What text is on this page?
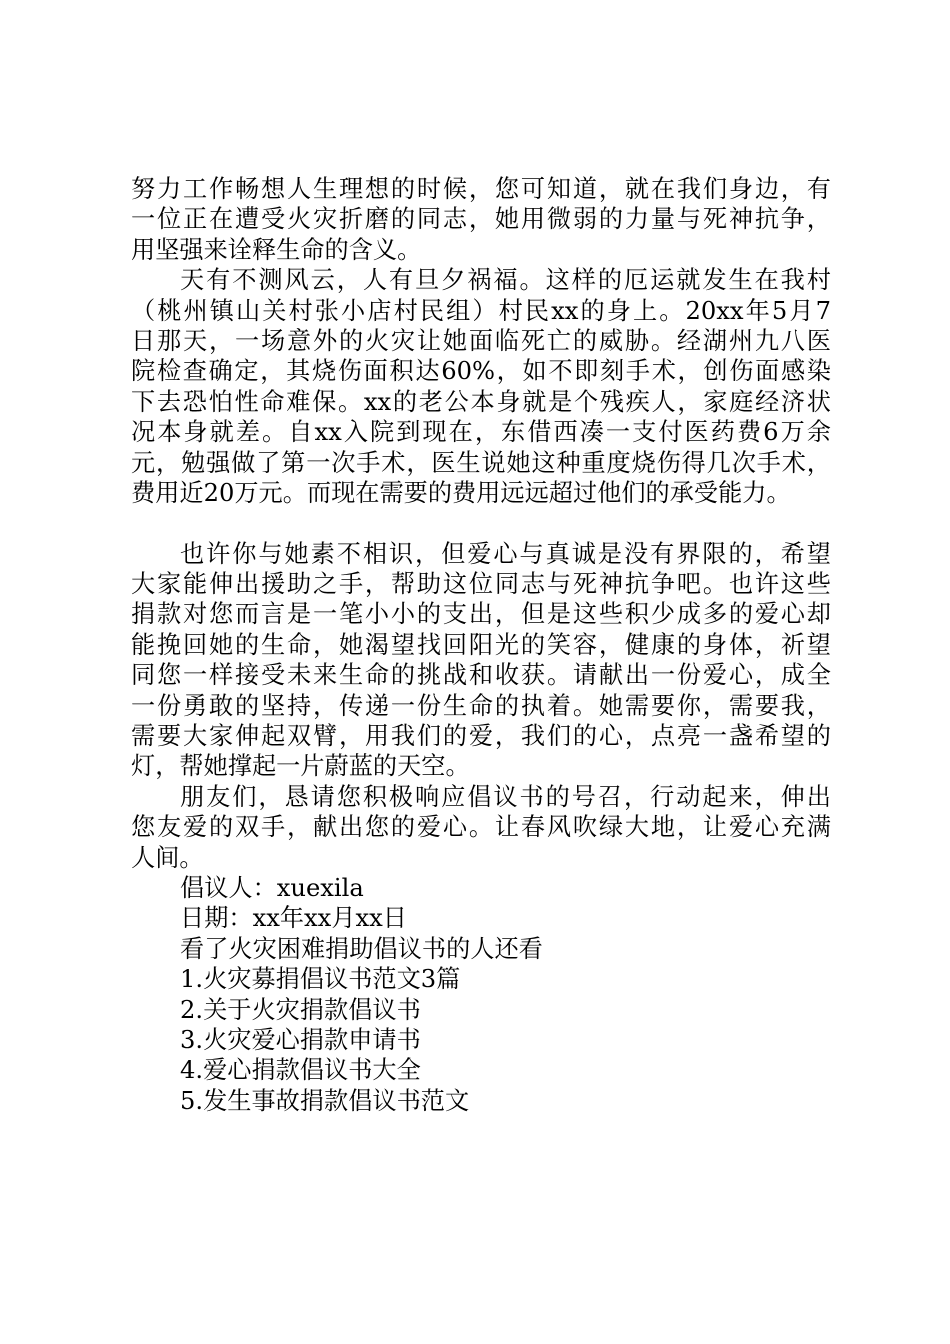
努力工作畅想人生理想的时候，您可知道，就在我们身边，有
一位正在遭受火灾折磨的同志，她用微弱的力量与死神抗争，
用坚强来诠释生命的含义。
天有不测风云，人有旦夕祸福。这样的厄运就发生在我村
（桃州镇山关村张小店村民组）村民xx的身上。20xx年5月7
日那天，一场意外的火灾让她面临死亡的威胁。经湖州九八医
院检查确定，其烧伤面积达60%，如不即刻手术，创伤面感染
下去恐怕性命难保。xx的老公本身就是个残疾人，家庭经济状
况本身就差。自xx入院到现在，东借西凑一支付医药费6万余
元，勉强做了第一次手术，医生说她这种重度烧伤得几次手术，
费用近20万元。而现在需要的费用远远超过他们的承受能力。
也许你与她素不相识，但爱心与真诚是没有界限的，希望
大家能伸出援助之手，帮助这位同志与死神抗争吧。也许这些
捐款对您而言是一笔小小的支出，但是这些积少成多的爱心却
能挽回她的生命，她渴望找回阳光的笑容，健康的身体，祈望
同您一样接受未来生命的挑战和收获。请献出一份爱心，成全
一份勇敢的坚持，传递一份生命的执着。她需要你，需要我，
需要大家伸起双臂，用我们的爱，我们的心，点亮一盏希望的
灯，帮她撑起一片蔚蓝的天空。
朋友们，恳请您积极响应倡议书的号召，行动起来，伸出
您友爱的双手，献出您的爱心。让春风吹绿大地，让爱心充满
人间。
倡议人：xuexila
日期：xx年xx月xx日
看了火灾困难捐助倡议书的人还看
1.火灾募捐倡议书范文3篇
2.关于火灾捐款倡议书
3.火灾爱心捐款申请书
4.爱心捐款倡议书大全
5.发生事故捐款倡议书范文
